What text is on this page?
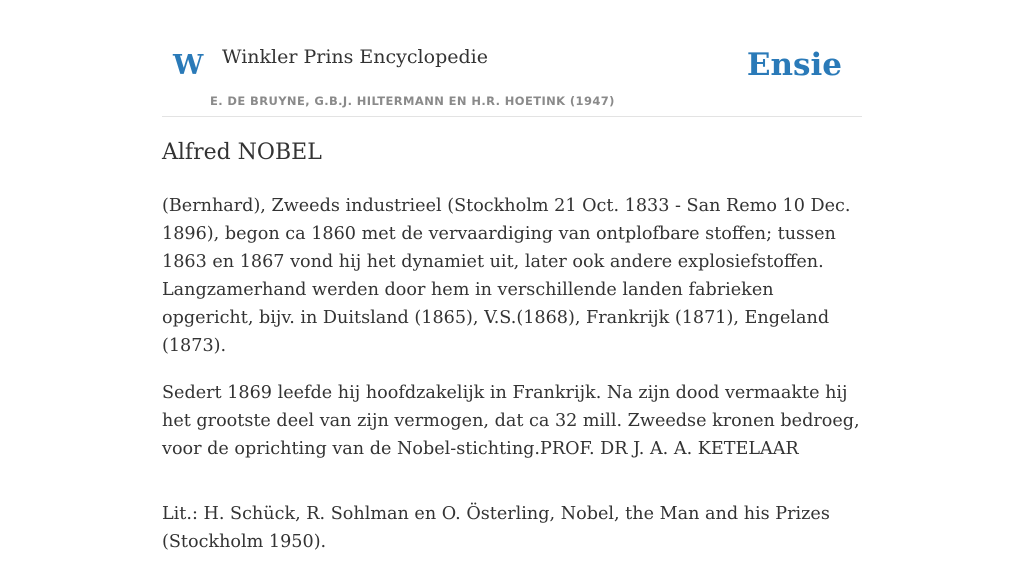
W Winkler Prins Encyclopedie
E. DE BRUYNE, G.B.J. HILTERMANN EN H.R. HOETINK (1947)
Ensie
Alfred NOBEL

(Bernhard), Zweeds industrieel (Stockholm 21 Oct. 1833 - San Remo 10 Dec. 1896), begon ca 1860 met de vervaardiging van ontplofbare stoffen; tussen 1863 en 1867 vond hij het dynamiet uit, later ook andere explosiefstoffen. Langzamerhand werden door hem in verschillende landen fabrieken opgericht, bijv. in Duitsland (1865), V.S.(1868), Frankrijk (1871), Engeland (1873).

Sedert 1869 leefde hij hoofdzakelijk in Frankrijk. Na zijn dood vermaakte hij het grootste deel van zijn vermogen, dat ca 32 mill. Zweedse kronen bedroeg, voor de oprichting van de Nobel-stichting.PROF. DR J. A. A. KETELAAR

Lit.: H. Schück, R. Sohlman en O. Österling, Nobel, the Man and his Prizes (Stockholm 1950).
